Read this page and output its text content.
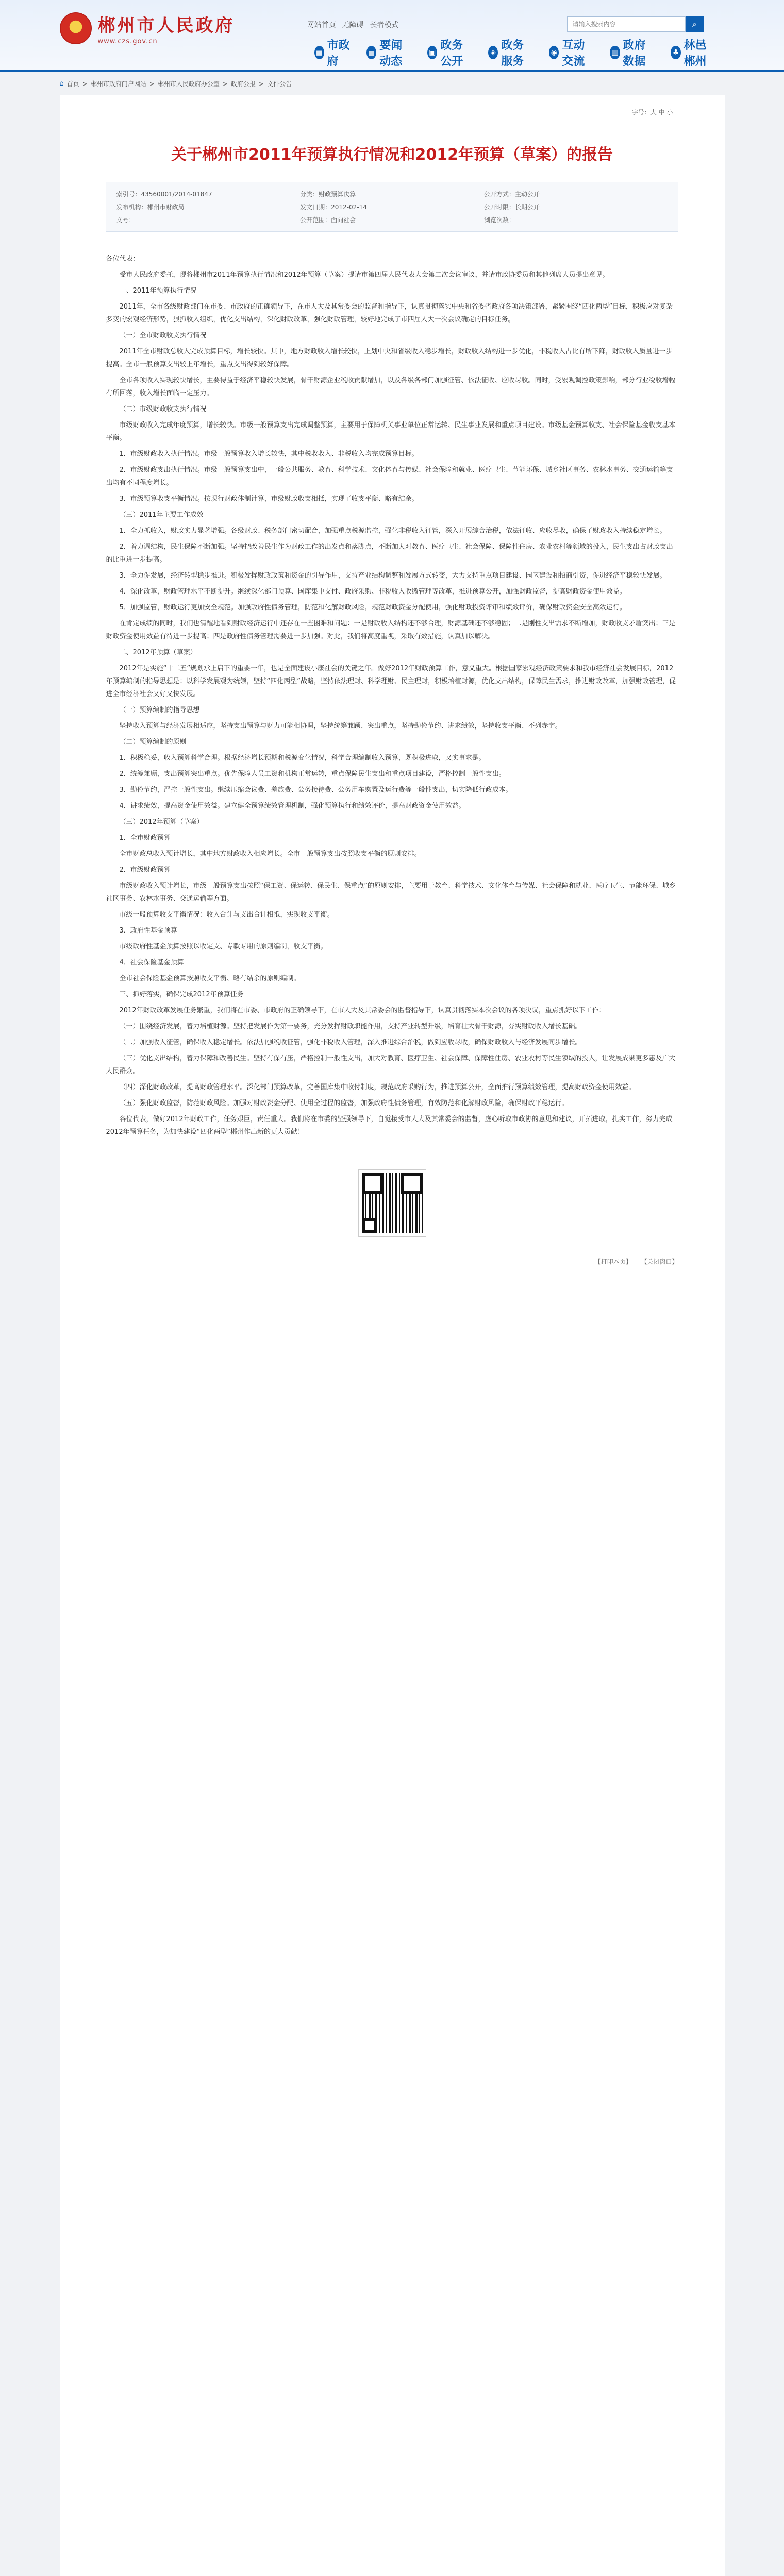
★ 郴州市人民政府
www.czs.gov.cn
网站首页 无障碍 长者模式
请输入搜索内容	⌕
▦
市政府
▤
要闻动态
▣
政务公开
◈
政务服务
◉
互动交流
▥
政府数据
♣
林邑郴州
⌂ 首页 > 郴州市政府门户网站 > 郴州市人民政府办公室 > 政府公报 > 文件公告
字号：大 中 小
关于郴州市2011年预算执行情况和2012年预算（草案）的报告
索引号：43560001/2014-01847	分类：财政预算决算	公开方式：主动公开
发布机构：郴州市财政局	发文日期：2012-02-14	公开时限：长期公开
文号：	公开范围：面向社会	浏览次数：

各位代表：

受市人民政府委托，现将郴州市2011年预算执行情况和2012年预算（草案）提请市第四届人民代表大会第二次会议审议，并请市政协委员和其他列席人员提出意见。

一、2011年预算执行情况

2011年，全市各级财政部门在市委、市政府的正确领导下，在市人大及其常委会的监督和指导下，认真贯彻落实中央和省委省政府各项决策部署，紧紧围绕“四化两型”目标，积极应对复杂多变的宏观经济形势，狠抓收入组织，优化支出结构，深化财政改革，强化财政管理，较好地完成了市四届人大一次会议确定的目标任务。

（一）全市财政收支执行情况

2011年全市财政总收入完成预算目标，增长较快。其中，地方财政收入增长较快，上划中央和省级收入稳步增长，财政收入结构进一步优化，非税收入占比有所下降，财政收入质量进一步提高。全市一般预算支出较上年增长，重点支出得到较好保障。

全市各项收入实现较快增长，主要得益于经济平稳较快发展，骨干财源企业税收贡献增加，以及各级各部门加强征管、依法征收、应收尽收。同时，受宏观调控政策影响，部分行业税收增幅有所回落，收入增长面临一定压力。

（二）市级财政收支执行情况

市级财政收入完成年度预算，增长较快。市级一般预算支出完成调整预算，主要用于保障机关事业单位正常运转、民生事业发展和重点项目建设。市级基金预算收支、社会保险基金收支基本平衡。

1．市级财政收入执行情况。市级一般预算收入增长较快，其中税收收入、非税收入均完成预算目标。

2．市级财政支出执行情况。市级一般预算支出中，一般公共服务、教育、科学技术、文化体育与传媒、社会保障和就业、医疗卫生、节能环保、城乡社区事务、农林水事务、交通运输等支出均有不同程度增长。

3．市级预算收支平衡情况。按现行财政体制计算，市级财政收支相抵，实现了收支平衡、略有结余。

（三）2011年主要工作成效

1．全力抓收入，财政实力显著增强。各级财政、税务部门密切配合，加强重点税源监控，强化非税收入征管，深入开展综合治税，依法征收、应收尽收，确保了财政收入持续稳定增长。

2．着力调结构，民生保障不断加强。坚持把改善民生作为财政工作的出发点和落脚点，不断加大对教育、医疗卫生、社会保障、保障性住房、农业农村等领域的投入，民生支出占财政支出的比重进一步提高。

3．全力促发展，经济转型稳步推进。积极发挥财政政策和资金的引导作用，支持产业结构调整和发展方式转变，大力支持重点项目建设、园区建设和招商引资，促进经济平稳较快发展。

4．深化改革，财政管理水平不断提升。继续深化部门预算、国库集中支付、政府采购、非税收入收缴管理等改革，推进预算公开，加强财政监督，提高财政资金使用效益。

5．加强监管，财政运行更加安全规范。加强政府性债务管理，防范和化解财政风险，规范财政资金分配使用，强化财政投资评审和绩效评价，确保财政资金安全高效运行。

在肯定成绩的同时，我们也清醒地看到财政经济运行中还存在一些困难和问题：一是财政收入结构还不够合理，财源基础还不够稳固；二是刚性支出需求不断增加，财政收支矛盾突出；三是财政资金使用效益有待进一步提高；四是政府性债务管理需要进一步加强。对此，我们将高度重视，采取有效措施，认真加以解决。

二、2012年预算（草案）

2012年是实施“十二五”规划承上启下的重要一年，也是全面建设小康社会的关键之年。做好2012年财政预算工作，意义重大。根据国家宏观经济政策要求和我市经济社会发展目标，2012年预算编制的指导思想是：以科学发展观为统领，坚持“四化两型”战略，坚持依法理财、科学理财、民主理财，积极培植财源，优化支出结构，保障民生需求，推进财政改革，加强财政管理，促进全市经济社会又好又快发展。

（一）预算编制的指导思想

坚持收入预算与经济发展相适应，坚持支出预算与财力可能相协调，坚持统筹兼顾、突出重点，坚持勤俭节约、讲求绩效，坚持收支平衡、不列赤字。

（二）预算编制的原则

1．积极稳妥，收入预算科学合理。根据经济增长预期和税源变化情况，科学合理编制收入预算，既积极进取，又实事求是。

2．统筹兼顾，支出预算突出重点。优先保障人员工资和机构正常运转，重点保障民生支出和重点项目建设，严格控制一般性支出。

3．勤俭节约，严控一般性支出。继续压缩会议费、差旅费、公务接待费、公务用车购置及运行费等一般性支出，切实降低行政成本。

4．讲求绩效，提高资金使用效益。建立健全预算绩效管理机制，强化预算执行和绩效评价，提高财政资金使用效益。

（三）2012年预算（草案）

1．全市财政预算

全市财政总收入预计增长，其中地方财政收入相应增长。全市一般预算支出按照收支平衡的原则安排。

2．市级财政预算

市级财政收入预计增长，市级一般预算支出按照“保工资、保运转、保民生、保重点”的原则安排，主要用于教育、科学技术、文化体育与传媒、社会保障和就业、医疗卫生、节能环保、城乡社区事务、农林水事务、交通运输等方面。

市级一般预算收支平衡情况：收入合计与支出合计相抵，实现收支平衡。

3．政府性基金预算

市级政府性基金预算按照以收定支、专款专用的原则编制，收支平衡。

4．社会保险基金预算

全市社会保险基金预算按照收支平衡、略有结余的原则编制。

三、抓好落实，确保完成2012年预算任务

2012年财政改革发展任务繁重，我们将在市委、市政府的正确领导下，在市人大及其常委会的监督指导下，认真贯彻落实本次会议的各项决议，重点抓好以下工作：

（一）围绕经济发展，着力培植财源。坚持把发展作为第一要务，充分发挥财政职能作用，支持产业转型升级，培育壮大骨干财源，夯实财政收入增长基础。

（二）加强收入征管，确保收入稳定增长。依法加强税收征管，强化非税收入管理，深入推进综合治税，做到应收尽收，确保财政收入与经济发展同步增长。

（三）优化支出结构，着力保障和改善民生。坚持有保有压，严格控制一般性支出，加大对教育、医疗卫生、社会保障、保障性住房、农业农村等民生领域的投入，让发展成果更多惠及广大人民群众。

（四）深化财政改革，提高财政管理水平。深化部门预算改革，完善国库集中收付制度，规范政府采购行为，推进预算公开，全面推行预算绩效管理，提高财政资金使用效益。

（五）强化财政监督，防范财政风险。加强对财政资金分配、使用全过程的监督，加强政府性债务管理，有效防范和化解财政风险，确保财政平稳运行。

各位代表，做好2012年财政工作，任务艰巨，责任重大。我们将在市委的坚强领导下，自觉接受市人大及其常委会的监督，虚心听取市政协的意见和建议，开拓进取，扎实工作，努力完成2012年预算任务，为加快建设“四化两型”郴州作出新的更大贡献！

【打印本页】 【关闭窗口】
